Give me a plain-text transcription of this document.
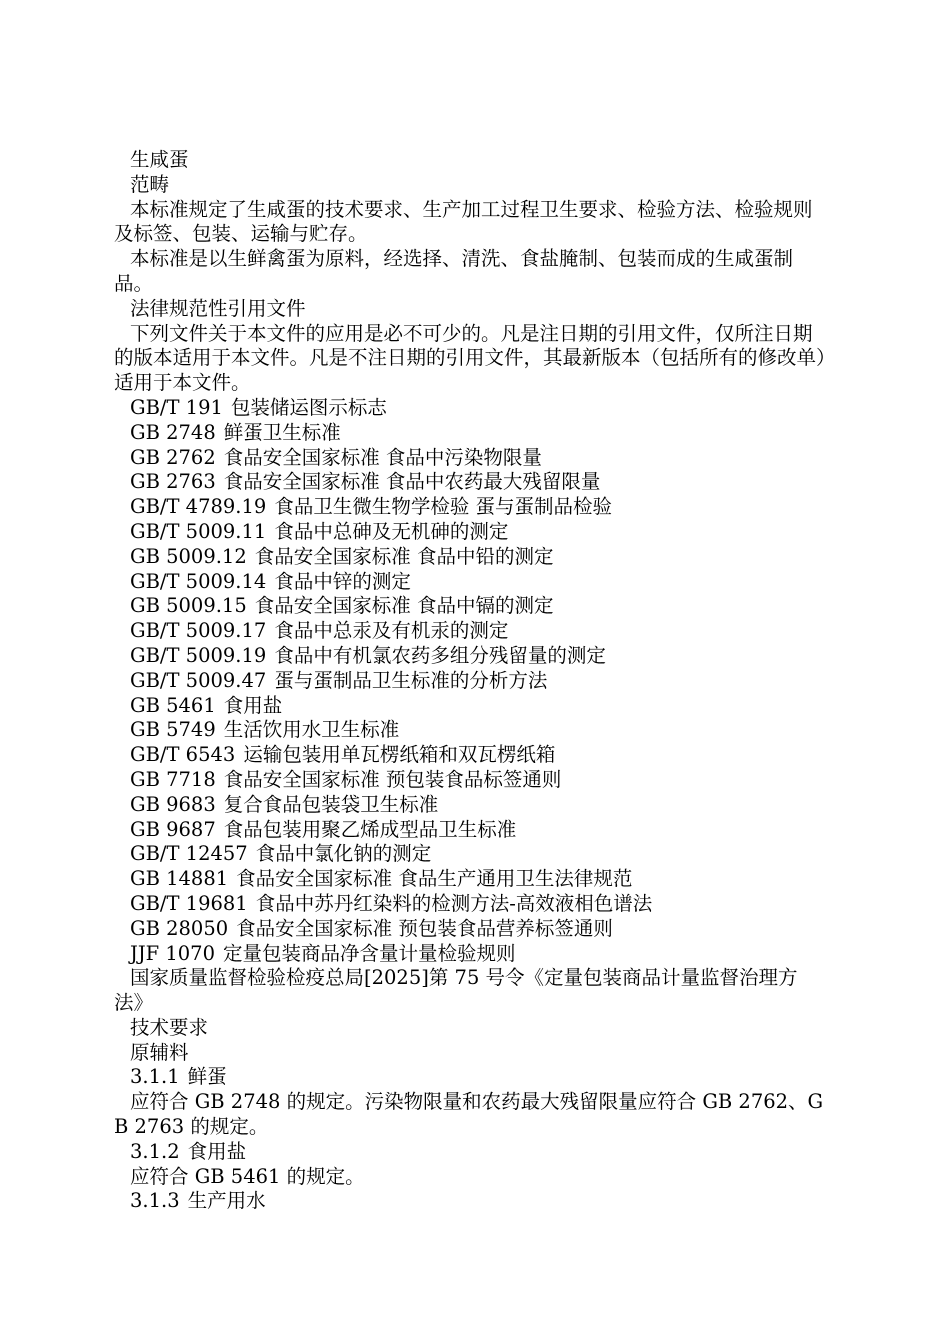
生咸蛋

范畴

本标准规定了生咸蛋的技术要求、生产加工过程卫生要求、检验方法、检验规则及标签、包装、运输与贮存。

本标准是以生鲜禽蛋为原料，经选择、清洗、食盐腌制、包装而成的生咸蛋制品。

法律规范性引用文件

下列文件关于本文件的应用是必不可少的。凡是注日期的引用文件，仅所注日期的版本适用于本文件。凡是不注日期的引用文件，其最新版本（包括所有的修改单）适用于本文件。

GB/T 191 包装储运图示标志

GB 2748 鲜蛋卫生标准

GB 2762 食品安全国家标准 食品中污染物限量

GB 2763 食品安全国家标准 食品中农药最大残留限量

GB/T 4789.19 食品卫生微生物学检验 蛋与蛋制品检验

GB/T 5009.11 食品中总砷及无机砷的测定

GB 5009.12 食品安全国家标准 食品中铅的测定

GB/T 5009.14 食品中锌的测定

GB 5009.15 食品安全国家标准 食品中镉的测定

GB/T 5009.17 食品中总汞及有机汞的测定

GB/T 5009.19 食品中有机氯农药多组分残留量的测定

GB/T 5009.47 蛋与蛋制品卫生标准的分析方法

GB 5461 食用盐

GB 5749 生活饮用水卫生标准

GB/T 6543 运输包装用单瓦楞纸箱和双瓦楞纸箱

GB 7718 食品安全国家标准 预包装食品标签通则

GB 9683 复合食品包装袋卫生标准

GB 9687 食品包装用聚乙烯成型品卫生标准

GB/T 12457 食品中氯化钠的测定

GB 14881 食品安全国家标准 食品生产通用卫生法律规范

GB/T 19681 食品中苏丹红染料的检测方法-高效液相色谱法

GB 28050 食品安全国家标准 预包装食品营养标签通则

JJF 1070 定量包装商品净含量计量检验规则

国家质量监督检验检疫总局[2025]第 75 号令《定量包装商品计量监督治理方法》

技术要求

原辅料

3.1.1 鲜蛋

应符合 GB 2748 的规定。污染物限量和农药最大残留限量应符合 GB 2762、GB 2763 的规定。

3.1.2 食用盐

应符合 GB 5461 的规定。

3.1.3 生产用水
